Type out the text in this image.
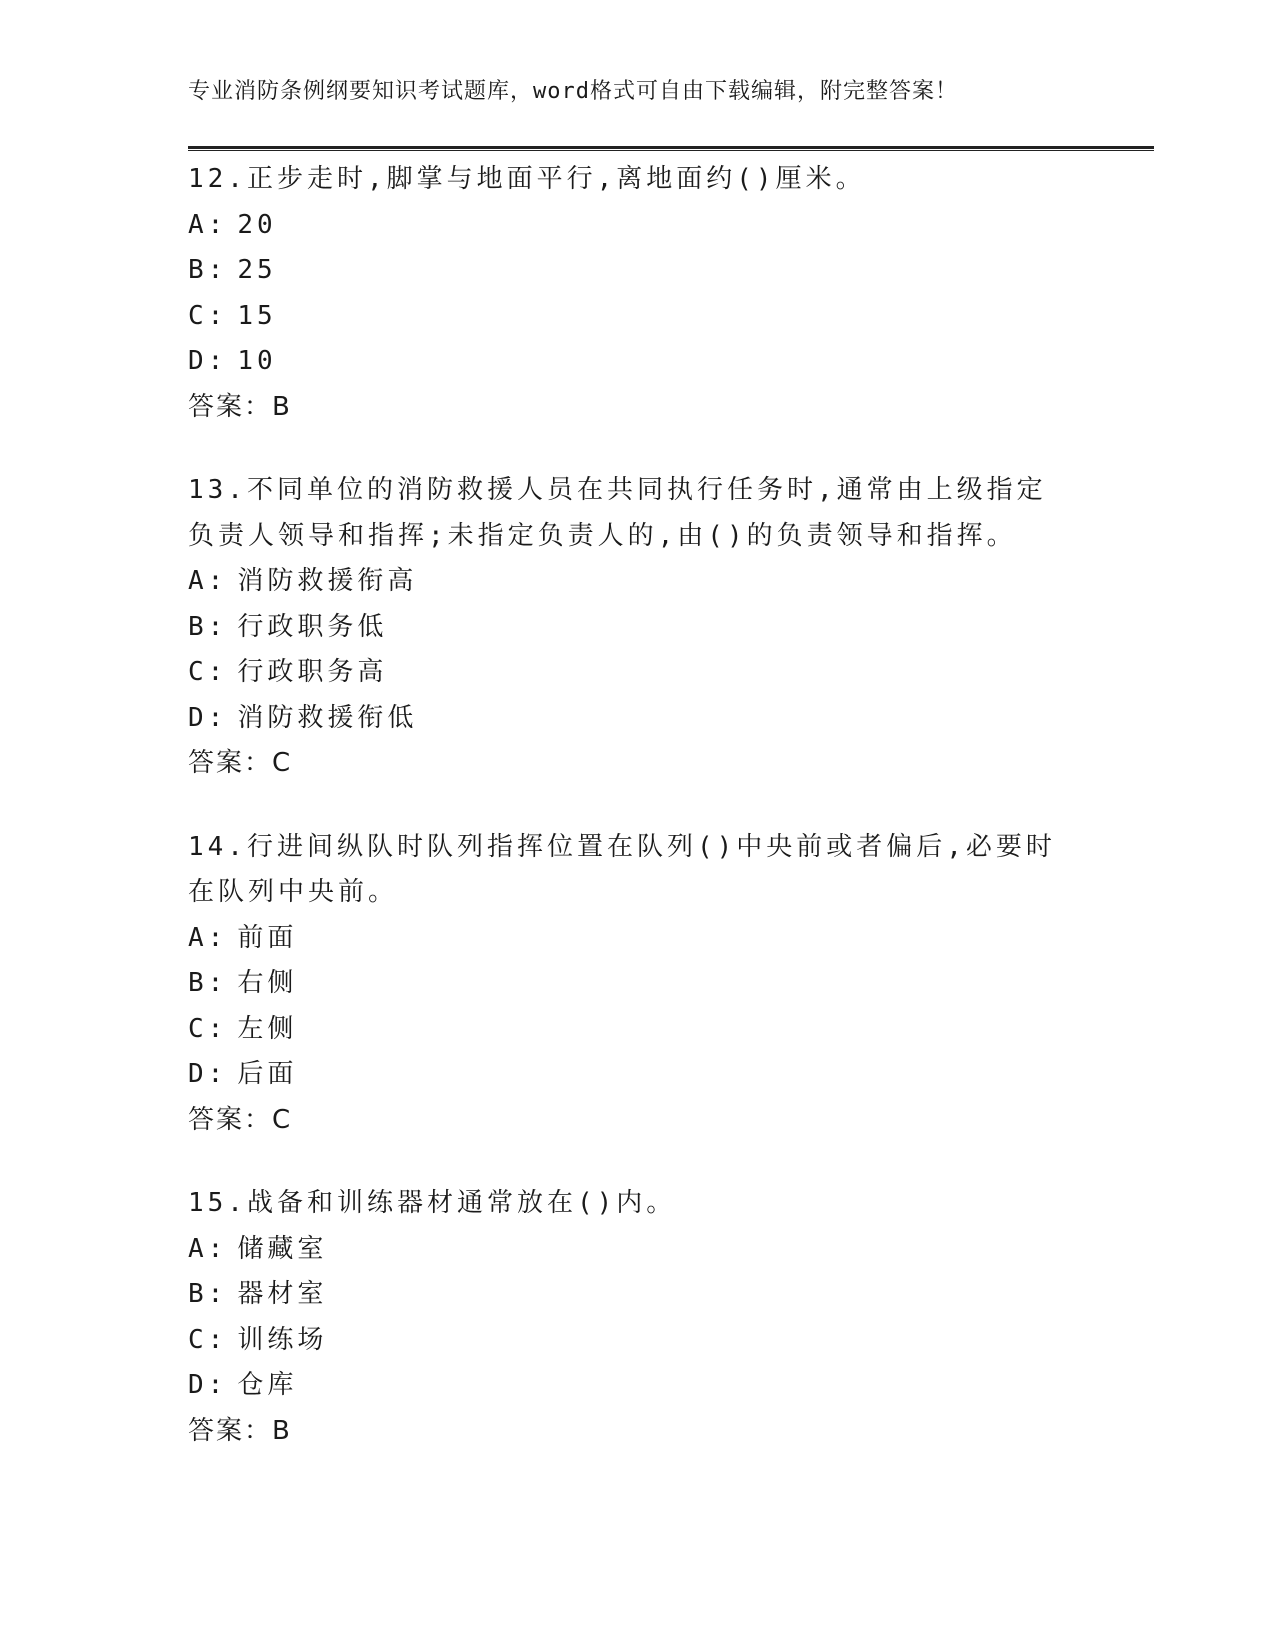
专业消防条例纲要知识考试题库，word格式可自由下载编辑，附完整答案！
12.正步走时,脚掌与地面平行,离地面约()厘米。
A: 20
B: 25
C: 15
D: 10
答案：B
13.不同单位的消防救援人员在共同执行任务时,通常由上级指定负责人领导和指挥;未指定负责人的,由()的负责领导和指挥。
A: 消防救援衔高
B: 行政职务低
C: 行政职务高
D: 消防救援衔低
答案：C
14.行进间纵队时队列指挥位置在队列()中央前或者偏后,必要时在队列中央前。
A: 前面
B: 右侧
C: 左侧
D: 后面
答案：C
15.战备和训练器材通常放在()内。
A: 储藏室
B: 器材室
C: 训练场
D: 仓库
答案：B
